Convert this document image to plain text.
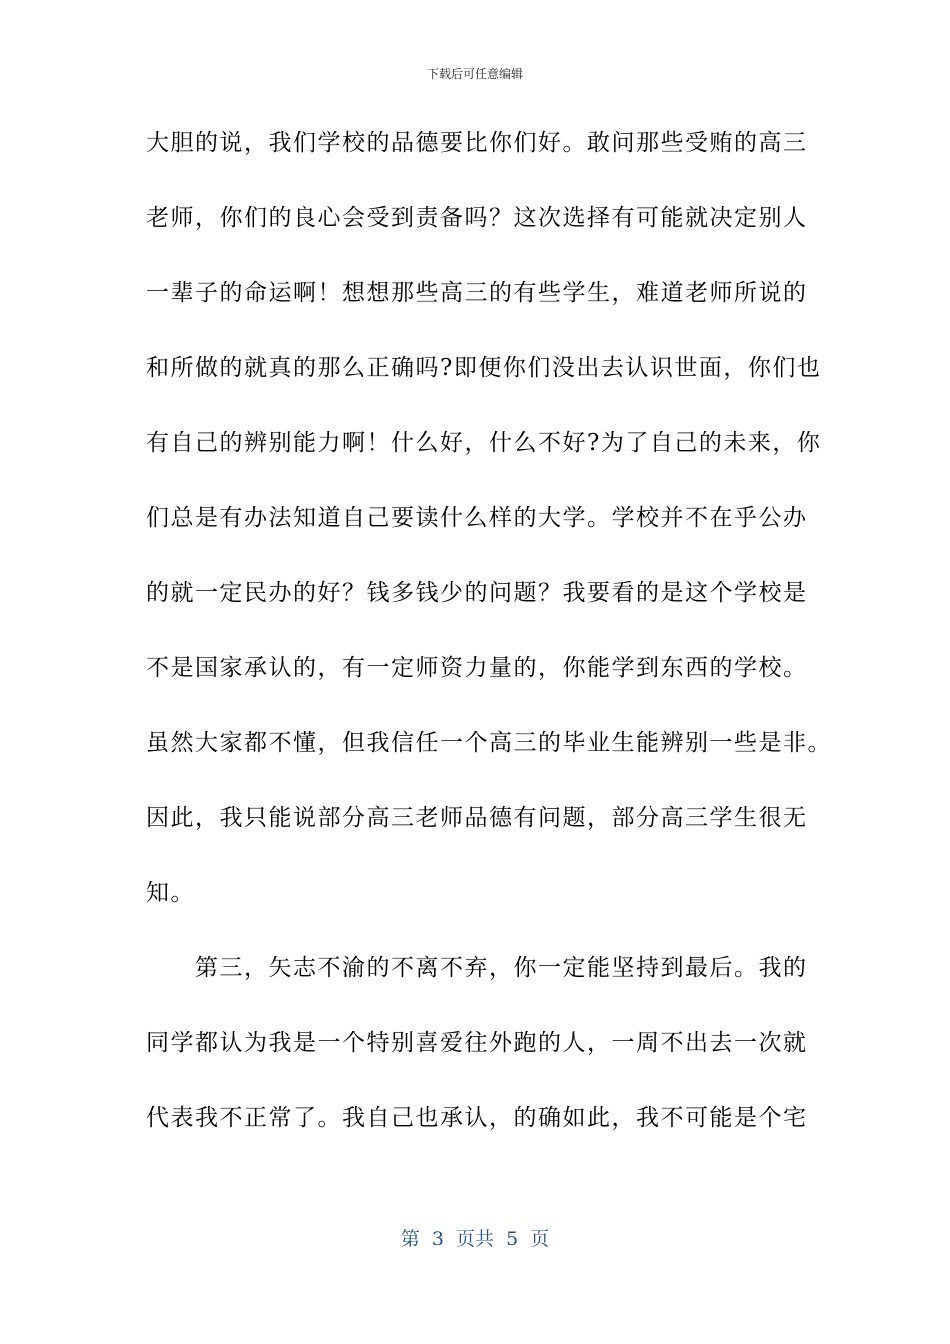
下载后可任意编辑
大胆的说，我们学校的品德要比你们好。敢问那些受贿的高三
老师，你们的良心会受到责备吗？这次选择有可能就决定别人
一辈子的命运啊！想想那些高三的有些学生，难道老师所说的
和所做的就真的那么正确吗?即便你们没出去认识世面，你们也
有自己的辨别能力啊！什么好，什么不好?为了自己的未来，你
们总是有办法知道自己要读什么样的大学。学校并不在乎公办
的就一定民办的好？钱多钱少的问题？我要看的是这个学校是
不是国家承认的，有一定师资力量的，你能学到东西的学校。
虽然大家都不懂，但我信任一个高三的毕业生能辨别一些是非。
因此，我只能说部分高三老师品德有问题，部分高三学生很无
知。
　　第三，矢志不渝的不离不弃，你一定能坚持到最后。我的
同学都认为我是一个特别喜爱往外跑的人，一周不出去一次就
代表我不正常了。我自己也承认，的确如此，我不可能是个宅
第  3  页共  5  页
